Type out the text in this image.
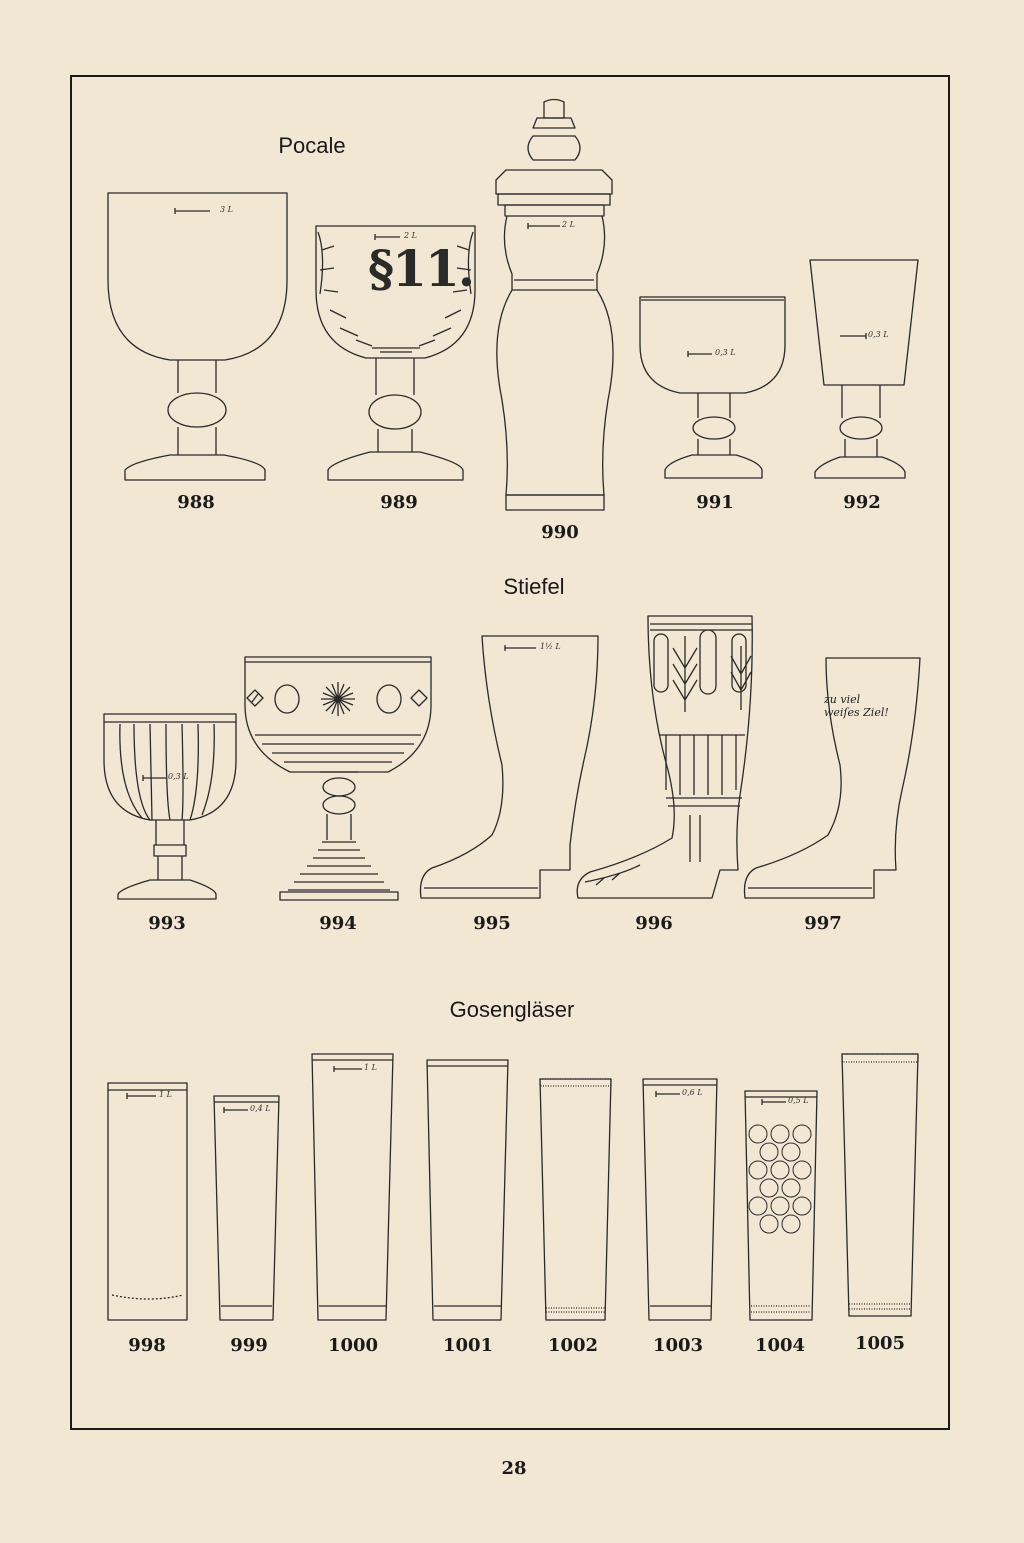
Pocale
Stiefel
Gosengläser
3 L
2 L
2 L
0,3 L
0,3 L
0,3 L
1½ L
1 L
0,4 L
1 L
0,6 L
0,5 L
§11.
zu viel
weiſes Ziel!
988	989
990
991	992
993	994	995	996	997
998	999	1000	1001	1002	1003	1004	1005
28
